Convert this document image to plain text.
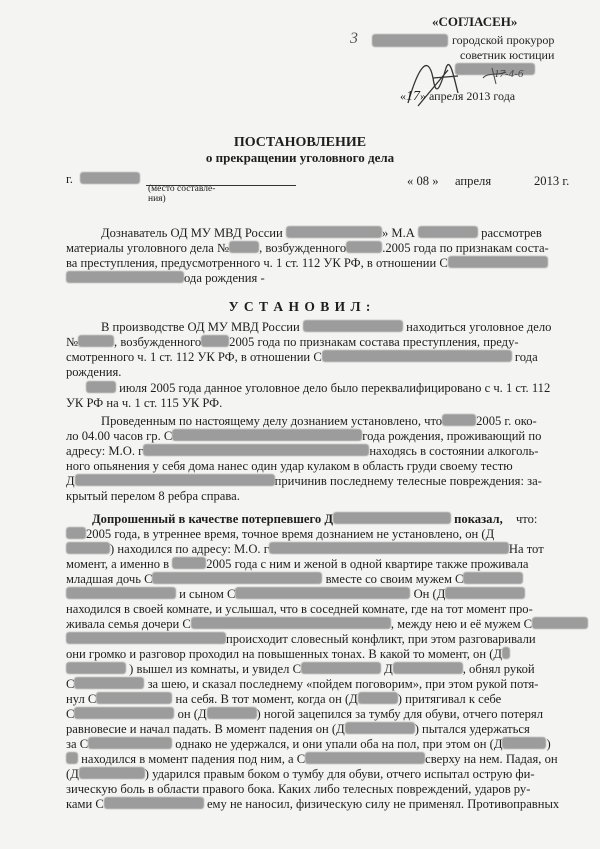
«СОГЛАСЕН»
3	городской прокурор
советник юстиции
17-4-6
«17» апреля 2013 года
ПОСТАНОВЛЕНИЕ
о прекращении уголовного дела
г.
(место составле-
ния)
« 08 » апреля	2013 г.
Дознаватель ОД МУ МВД России	» М.А	рассмотрев
материалы уголовного дела № , возбужденного	.2005 года по признакам соста-
ва преступления, предусмотренного ч. 1 ст. 112 УК РФ, в отношении С
ода рождения -
У С Т А Н О В И Л :
В производстве ОД МУ МВД России	находиться уголовное дело
№	, возбужденного 2005 года по признакам состава преступления, преду-
смотренного ч. 1 ст. 112 УК РФ, в отношении С	года
рождения.
июля 2005 года данное уголовное дело было переквалифицировано с ч. 1 ст. 112
УК РФ на ч. 1 ст. 115 УК РФ.
Проведенным по настоящему делу дознанием установлено, что	2005 г. око-
ло 04.00 часов гр. С	года рождения, проживающий по
адресу: М.О. г	находясь в состоянии алкоголь-
ного опьянения у себя дома нанес один удар кулаком в область груди своему тестю
Д	причинив последнему телесные повреждения: за-
крытый перелом 8 ребра справа.
Допрошенный в качестве потерпевшего Д	показал, что:
2005 года, в утреннее время, точное время дознанием не установлено, он (Д
) находился по адресу: М.О. г	На тот
момент, а именно в	2005 года с ним и женой в одной квартире также проживала
младшая дочь С	вместе со своим мужем С
и сыном С	Он (Д
находился в своей комнате, и услышал, что в соседней комнате, где на тот момент про-
живала семья дочери С	, между нею и её мужем С
происходит словесный конфликт, при этом разговаривали
они громко и разговор проходил на повышенных тонах. В какой то момент, он (Д
) вышел из комнаты, и увидел С	Д	, обнял рукой
С	за шею, и сказал последнему «пойдем поговорим», при этом рукой потя-
нул С	на себя. В тот момент, когда он (Д	) притягивал к себе
С	он (Д	) ногой зацепился за тумбу для обуви, отчего потерял
равновесие и начал падать. В момент падения он (Д	) пытался удержаться
за С	однако не удержался, и они упали оба на пол, при этом он (Д	)
находился в момент падения под ним, а С	сверху на нем. Падая, он
(Д	) ударился правым боком о тумбу для обуви, отчего испытал острую фи-
зическую боль в области правого бока. Каких либо телесных повреждений, ударов ру-
ками С	ему не наносил, физическую силу не применял. Противоправных
